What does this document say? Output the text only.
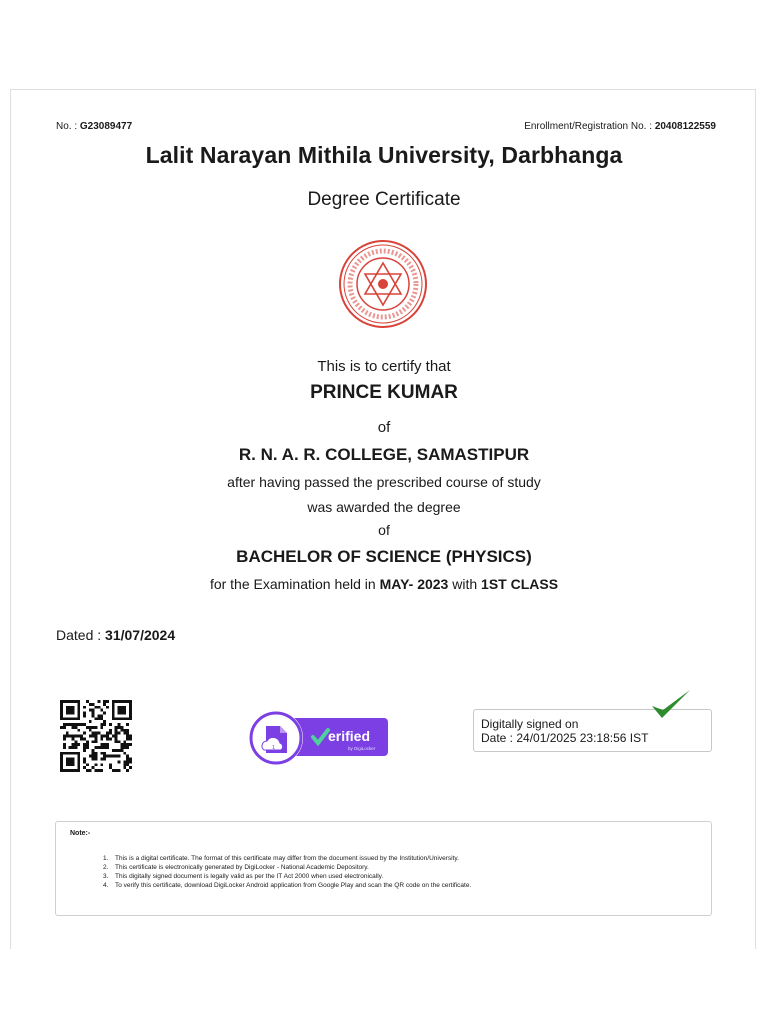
No. : G23089477	Enrollment/Registration No. : 20408122559
Lalit Narayan Mithila University, Darbhanga
Degree Certificate
This is to certify that
PRINCE KUMAR
of
R. N. A. R. COLLEGE, SAMASTIPUR
after having passed the prescribed course of study
was awarded the degree
of
BACHELOR OF SCIENCE (PHYSICS)
for the Examination held in MAY- 2023 with 1ST CLASS
Dated : 31/07/2024
1
erified
by DigiLocker
Digitally signed on
Date : 24/01/2025 23:18:56 IST
Note:-
1. This is a digital certificate. The format of this certificate may differ from the document issued by the Institution/University.
2. This certificate is electronically generated by DigiLocker - National Academic Depository.
3. This digitally signed document is legally valid as per the IT Act 2000 when used electronically.
4. To verify this certificate, download DigiLocker Android application from Google Play and scan the QR code on the certificate.
